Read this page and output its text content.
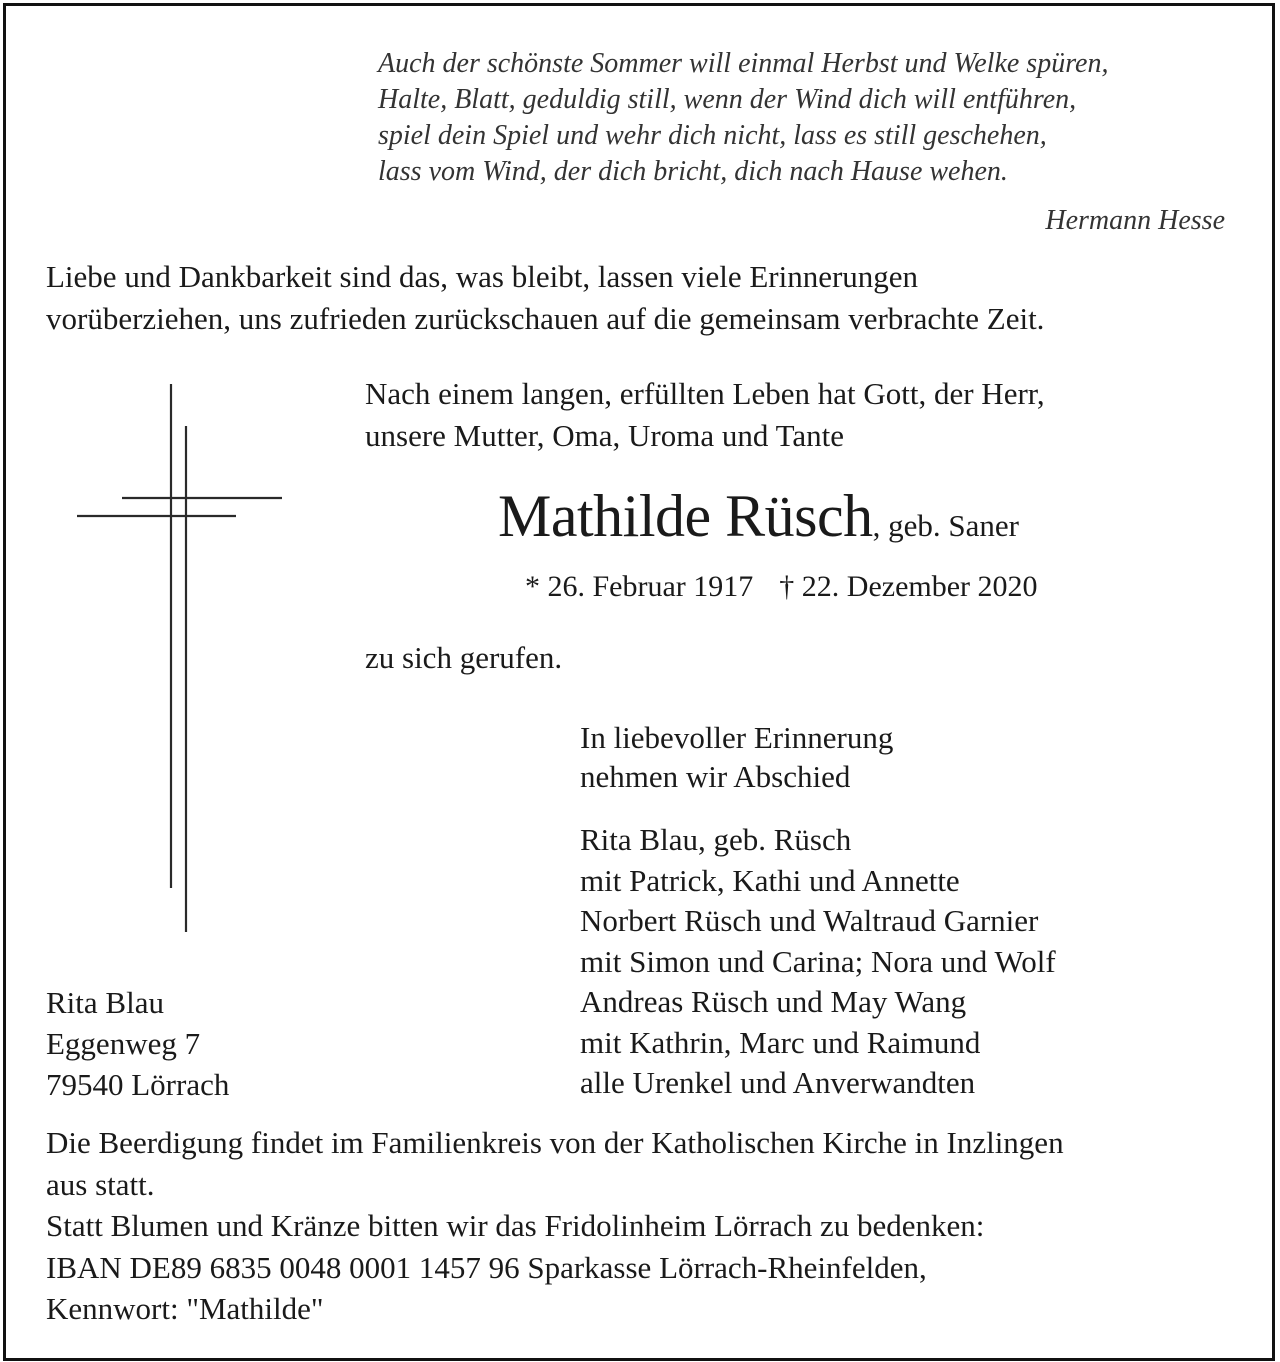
Auch der schönste Sommer will einmal Herbst und Welke spüren,
Halte, Blatt, geduldig still, wenn der Wind dich will entführen,
spiel dein Spiel und wehr dich nicht, lass es still geschehen,
lass vom Wind, der dich bricht, dich nach Hause wehen.
Hermann Hesse
Liebe und Dankbarkeit sind das, was bleibt, lassen viele Erinnerungen
vorüberziehen, uns zufrieden zurückschauen auf die gemeinsam verbrachte Zeit.
Nach einem langen, erfüllten Leben hat Gott, der Herr,
unsere Mutter, Oma, Uroma und Tante
Mathilde Rüsch, geb. Saner
* 26. Februar 1917 † 22. Dezember 2020
zu sich gerufen.
In liebevoller Erinnerung
nehmen wir Abschied
Rita Blau, geb. Rüsch
mit Patrick, Kathi und Annette
Norbert Rüsch und Waltraud Garnier
mit Simon und Carina; Nora und Wolf
Andreas Rüsch und May Wang
mit Kathrin, Marc und Raimund
alle Urenkel und Anverwandten
Rita Blau
Eggenweg 7
79540 Lörrach
Die Beerdigung findet im Familienkreis von der Katholischen Kirche in Inzlingen
aus statt.
Statt Blumen und Kränze bitten wir das Fridolinheim Lörrach zu bedenken:
IBAN DE89 6835 0048 0001 1457 96 Sparkasse Lörrach-Rheinfelden,
Kennwort: "Mathilde"
